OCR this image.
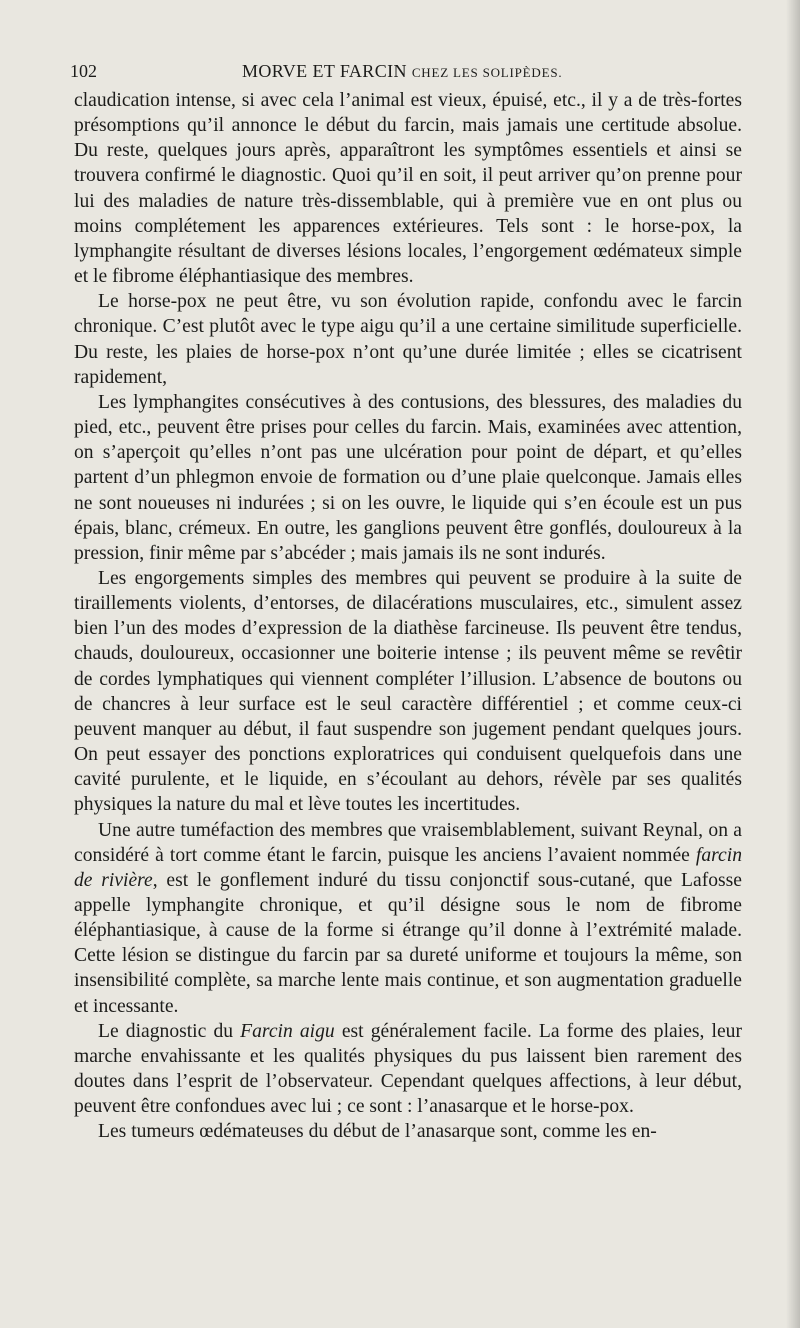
102	MORVE ET FARCIN CHEZ LES SOLIPÈDES.

claudication intense, si avec cela l’animal est vieux, épuisé, etc., il y a de très-fortes présomptions qu’il annonce le début du farcin, mais jamais une certitude absolue. Du reste, quelques jours après, apparaîtront les symptômes essentiels et ainsi se trouvera confirmé le diagnostic. Quoi qu’il en soit, il peut arriver qu’on prenne pour lui des maladies de nature très-dissemblable, qui à première vue en ont plus ou moins complétement les apparences extérieures. Tels sont : le horse-pox, la lymphangite résultant de diverses lésions locales, l’engorgement œdémateux simple et le fibrome éléphantiasique des membres.

Le horse-pox ne peut être, vu son évolution rapide, confondu avec le farcin chronique. C’est plutôt avec le type aigu qu’il a une certaine similitude superficielle. Du reste, les plaies de horse-pox n’ont qu’une durée limitée ; elles se cicatrisent rapidement,

Les lymphangites consécutives à des contusions, des blessures, des maladies du pied, etc., peuvent être prises pour celles du farcin. Mais, examinées avec attention, on s’aperçoit qu’elles n’ont pas une ulcération pour point de départ, et qu’elles partent d’un phlegmon envoie de formation ou d’une plaie quelconque. Jamais elles ne sont noueuses ni indurées ; si on les ouvre, le liquide qui s’en écoule est un pus épais, blanc, crémeux. En outre, les ganglions peuvent être gonflés, douloureux à la pression, finir même par s’abcéder ; mais jamais ils ne sont indurés.

Les engorgements simples des membres qui peuvent se produire à la suite de tiraillements violents, d’entorses, de dilacérations musculaires, etc., simulent assez bien l’un des modes d’expression de la diathèse farcineuse. Ils peuvent être tendus, chauds, douloureux, occasionner une boiterie intense ; ils peuvent même se revêtir de cordes lymphatiques qui viennent compléter l’illusion. L’absence de boutons ou de chancres à leur surface est le seul caractère différentiel ; et comme ceux-ci peuvent manquer au début, il faut suspendre son jugement pendant quelques jours. On peut essayer des ponctions exploratrices qui conduisent quelquefois dans une cavité purulente, et le liquide, en s’écoulant au dehors, révèle par ses qualités physiques la nature du mal et lève toutes les incertitudes.

Une autre tuméfaction des membres que vraisemblablement, suivant Reynal, on a considéré à tort comme étant le farcin, puisque les anciens l’avaient nommée farcin de rivière, est le gonflement induré du tissu conjonctif sous-cutané, que Lafosse appelle lymphangite chronique, et qu’il désigne sous le nom de fibrome éléphantiasique, à cause de la forme si étrange qu’il donne à l’extrémité malade. Cette lésion se distingue du farcin par sa dureté uniforme et toujours la même, son insensibilité complète, sa marche lente mais continue, et son augmentation graduelle et incessante.

Le diagnostic du Farcin aigu est généralement facile. La forme des plaies, leur marche envahissante et les qualités physiques du pus laissent bien rarement des doutes dans l’esprit de l’observateur. Cependant quelques affections, à leur début, peuvent être confondues avec lui ; ce sont : l’anasarque et le horse-pox.

Les tumeurs œdémateuses du début de l’anasarque sont, comme les en-
